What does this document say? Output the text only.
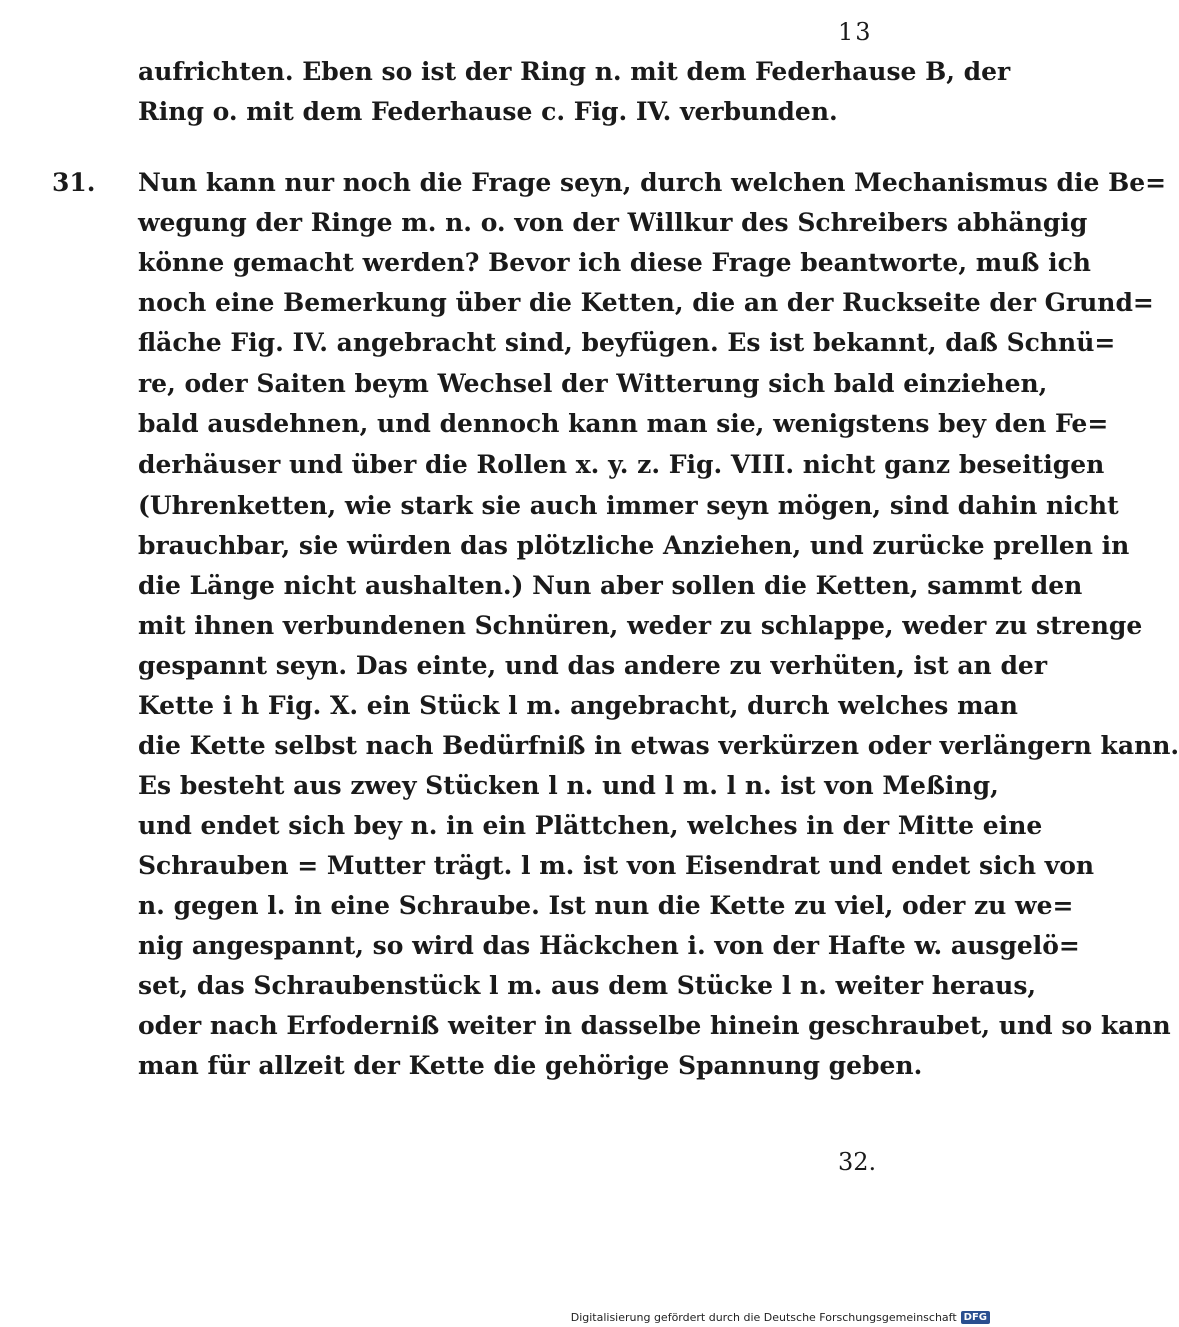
13
aufrichten. Eben so ist der Ring n. mit dem Federhause B, der
Ring o. mit dem Federhause c. Fig. IV. verbunden.
31. Nun kann nur noch die Frage seyn, durch welchen Mechanismus die Be=
wegung der Ringe m. n. o. von der Willkur des Schreibers abhängig
könne gemacht werden? Bevor ich diese Frage beantworte, muß ich
noch eine Bemerkung über die Ketten, die an der Ruckseite der Grund=
fläche Fig. IV. angebracht sind, beyfügen. Es ist bekannt, daß Schnü=
re, oder Saiten beym Wechsel der Witterung sich bald einziehen,
bald ausdehnen, und dennoch kann man sie, wenigstens bey den Fe=
derhäuser und über die Rollen x. y. z. Fig. VIII. nicht ganz beseitigen
(Uhrenketten, wie stark sie auch immer seyn mögen, sind dahin nicht
brauchbar, sie würden das plötzliche Anziehen, und zurücke prellen in
die Länge nicht aushalten.) Nun aber sollen die Ketten, sammt den
mit ihnen verbundenen Schnüren, weder zu schlappe, weder zu strenge
gespannt seyn. Das einte, und das andere zu verhüten, ist an der
Kette i h Fig. X. ein Stück l m. angebracht, durch welches man
die Kette selbst nach Bedürfniß in etwas verkürzen oder verlängern kann.
Es besteht aus zwey Stücken l n. und l m. l n. ist von Meßing,
und endet sich bey n. in ein Plättchen, welches in der Mitte eine
Schrauben = Mutter trägt. l m. ist von Eisendrat und endet sich von
n. gegen l. in eine Schraube. Ist nun die Kette zu viel, oder zu we=
nig angespannt, so wird das Häckchen i. von der Hafte w. ausgelö=
set, das Schraubenstück l m. aus dem Stücke l n. weiter heraus,
oder nach Erfoderniß weiter in dasselbe hinein geschraubet, und so kann
man für allzeit der Kette die gehörige Spannung geben.
32.
Digitalisierung gefördert durch die Deutsche Forschungsgemeinschaft DFG
